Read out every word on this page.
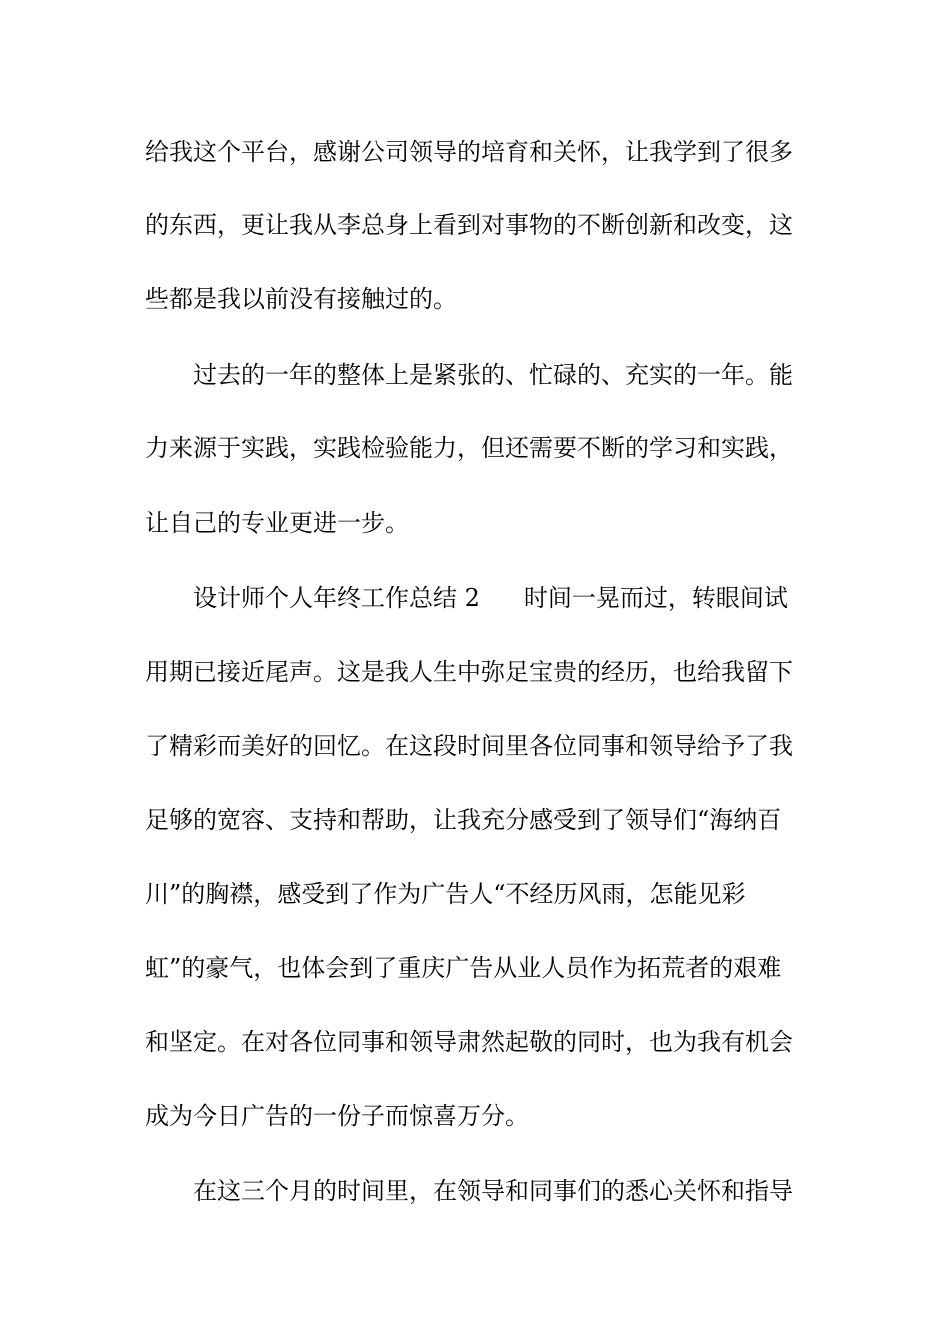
给我这个平台，感谢公司领导的培育和关怀，让我学到了很多
的东西，更让我从李总身上看到对事物的不断创新和改变，这
些都是我以前没有接触过的。
过去的一年的整体上是紧张的、忙碌的、充实的一年。能
力来源于实践，实践检验能力，但还需要不断的学习和实践，
让自己的专业更进一步。
设计师个人年终工作总结 2 时间一晃而过，转眼间试
用期已接近尾声。这是我人生中弥足宝贵的经历，也给我留下
了精彩而美好的回忆。在这段时间里各位同事和领导给予了我
足够的宽容、支持和帮助，让我充分感受到了领导们“海纳百
川”的胸襟，感受到了作为广告人“不经历风雨，怎能见彩
虹”的豪气，也体会到了重庆广告从业人员作为拓荒者的艰难
和坚定。在对各位同事和领导肃然起敬的同时，也为我有机会
成为今日广告的一份子而惊喜万分。
在这三个月的时间里，在领导和同事们的悉心关怀和指导
